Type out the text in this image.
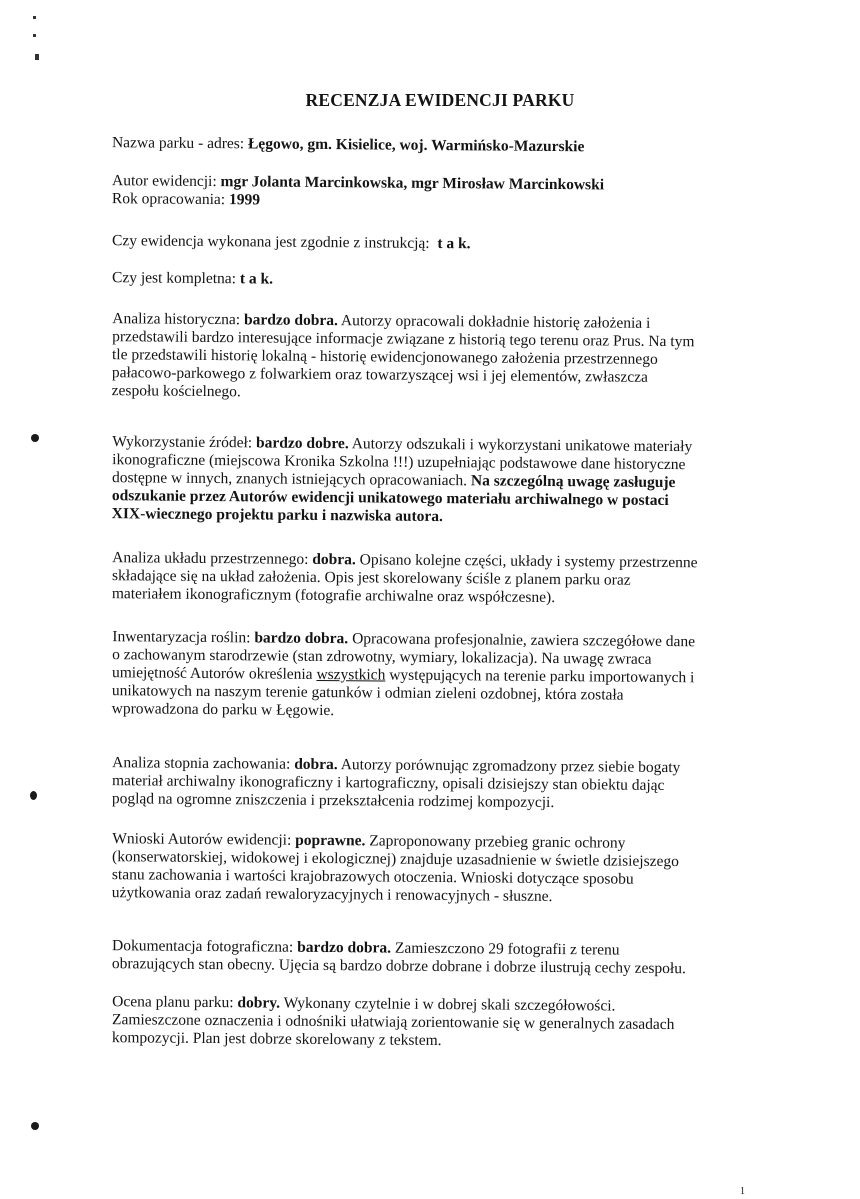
RECENZJA EWIDENCJI PARKU
Nazwa parku - adres: Łęgowo, gm. Kisielice, woj. Warmińsko-Mazurskie
Autor ewidencji: mgr Jolanta Marcinkowska, mgr Mirosław Marcinkowski
Rok opracowania: 1999
Czy ewidencja wykonana jest zgodnie z instrukcją: t a k.
Czy jest kompletna: t a k.
Analiza historyczna: bardzo dobra. Autorzy opracowali dokładnie historię założenia i
przedstawili bardzo interesujące informacje związane z historią tego terenu oraz Prus. Na tym
tle przedstawili historię lokalną - historię ewidencjonowanego założenia przestrzennego
pałacowo-parkowego z folwarkiem oraz towarzyszącej wsi i jej elementów, zwłaszcza
zespołu kościelnego.
Wykorzystanie źródeł: bardzo dobre. Autorzy odszukali i wykorzystani unikatowe materiały
ikonograficzne (miejscowa Kronika Szkolna !!!) uzupełniając podstawowe dane historyczne
dostępne w innych, znanych istniejących opracowaniach. Na szczególną uwagę zasługuje
odszukanie przez Autorów ewidencji unikatowego materiału archiwalnego w postaci
XIX-wiecznego projektu parku i nazwiska autora.
Analiza układu przestrzennego: dobra. Opisano kolejne części, układy i systemy przestrzenne
składające się na układ założenia. Opis jest skorelowany ściśle z planem parku oraz
materiałem ikonograficznym (fotografie archiwalne oraz współczesne).
Inwentaryzacja roślin: bardzo dobra. Opracowana profesjonalnie, zawiera szczegółowe dane
o zachowanym starodrzewie (stan zdrowotny, wymiary, lokalizacja). Na uwagę zwraca
umiejętność Autorów określenia wszystkich występujących na terenie parku importowanych i
unikatowych na naszym terenie gatunków i odmian zieleni ozdobnej, która została
wprowadzona do parku w Łęgowie.
Analiza stopnia zachowania: dobra. Autorzy porównując zgromadzony przez siebie bogaty
materiał archiwalny ikonograficzny i kartograficzny, opisali dzisiejszy stan obiektu dając
pogląd na ogromne zniszczenia i przekształcenia rodzimej kompozycji.
Wnioski Autorów ewidencji: poprawne. Zaproponowany przebieg granic ochrony
(konserwatorskiej, widokowej i ekologicznej) znajduje uzasadnienie w świetle dzisiejszego
stanu zachowania i wartości krajobrazowych otoczenia. Wnioski dotyczące sposobu
użytkowania oraz zadań rewaloryzacyjnych i renowacyjnych - słuszne.
Dokumentacja fotograficzna: bardzo dobra. Zamieszczono 29 fotografii z terenu
obrazujących stan obecny. Ujęcia są bardzo dobrze dobrane i dobrze ilustrują cechy zespołu.
Ocena planu parku: dobry. Wykonany czytelnie i w dobrej skali szczegółowości.
Zamieszczone oznaczenia i odnośniki ułatwiają zorientowanie się w generalnych zasadach
kompozycji. Plan jest dobrze skorelowany z tekstem.
1
